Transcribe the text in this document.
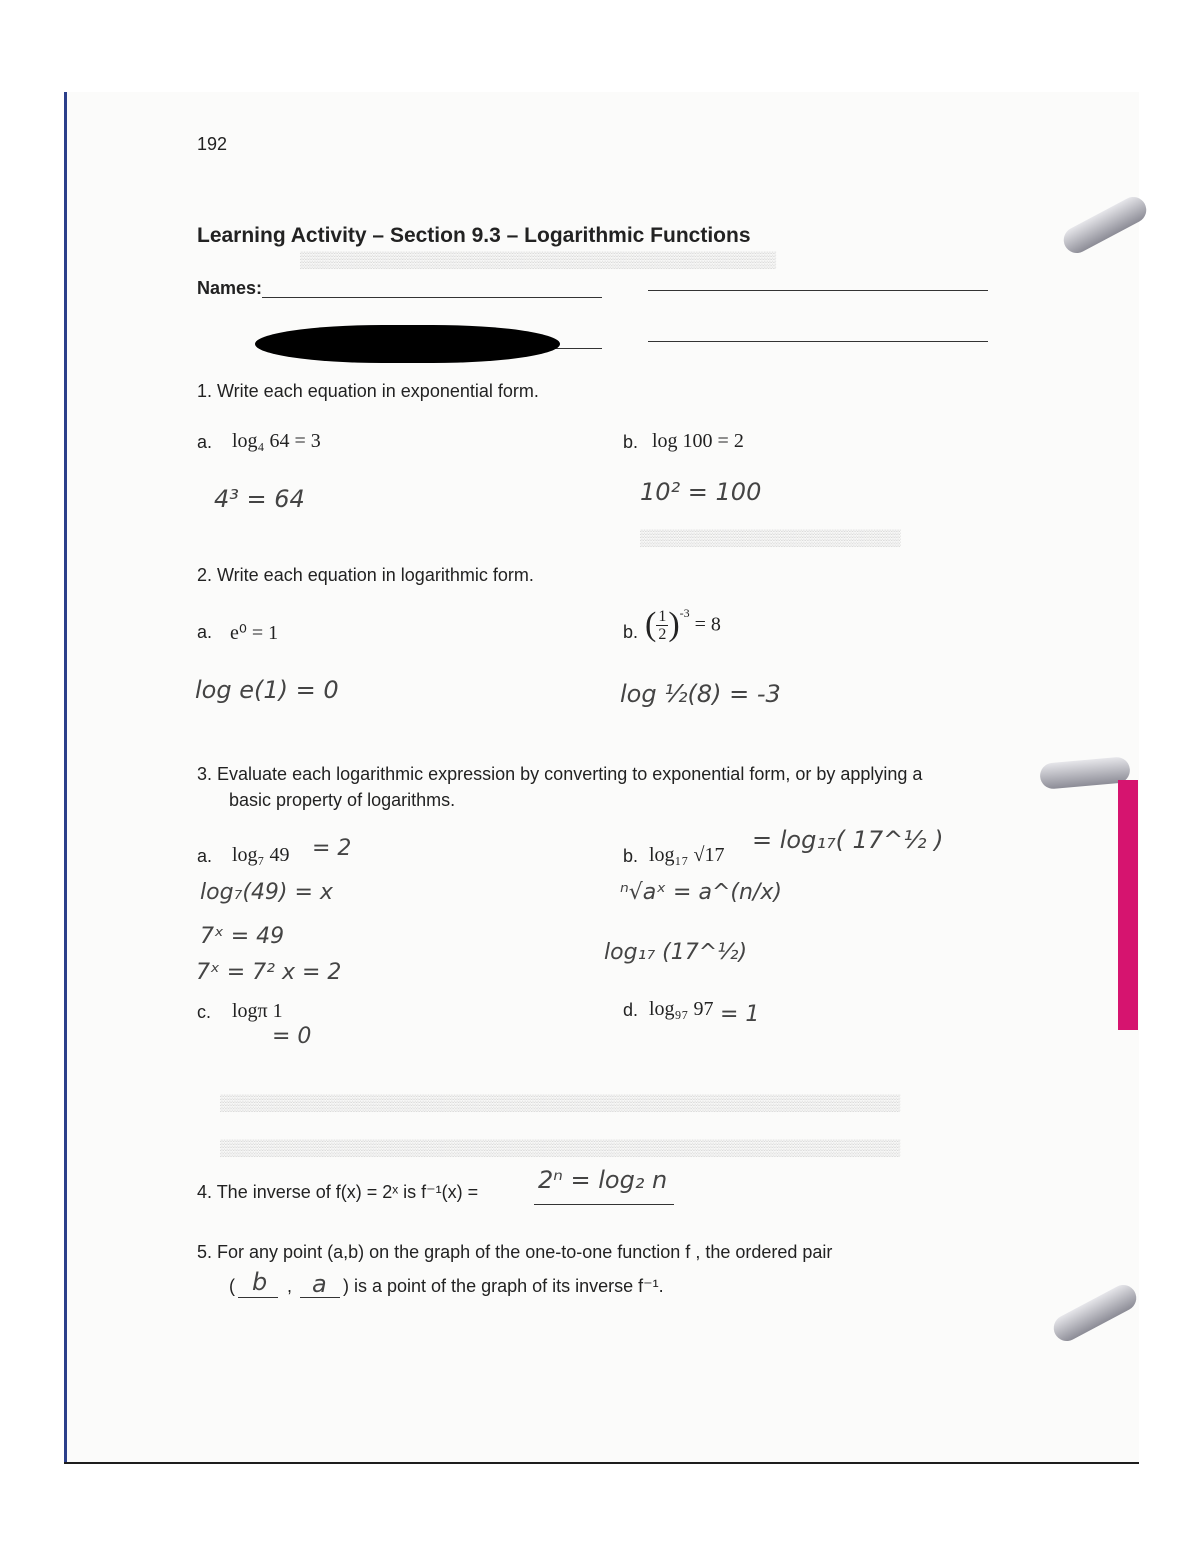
▒▒▒▒▒▒▒▒▒▒▒▒▒▒▒▒▒▒▒▒▒▒▒▒▒▒▒▒▒▒▒▒▒▒▒▒▒▒▒▒▒▒
▒▒▒▒▒▒▒▒▒▒▒▒▒▒▒▒▒▒▒▒▒▒▒
▒▒▒▒▒▒▒▒▒▒▒▒▒▒▒▒▒▒▒▒▒▒▒▒▒▒▒▒▒▒▒▒▒▒▒▒▒▒▒▒▒▒▒▒▒▒▒▒▒▒▒▒▒▒▒▒▒▒▒▒
▒▒▒▒▒▒▒▒▒▒▒▒▒▒▒▒▒▒▒▒▒▒▒▒▒▒▒▒▒▒▒▒▒▒▒▒▒▒▒▒▒▒▒▒▒▒▒▒▒▒▒▒▒▒▒▒▒▒▒▒
192
Learning Activity – Section 9.3 – Logarithmic Functions
Names:
1. Write each equation in exponential form.
a. log₄ 64 = 3	b. log 100 = 2
4³ = 64	10² = 100
2. Write each equation in logarithmic form.
a. e⁰ = 1	b. ( $\frac{1}{2} )^{-3} = 8$
log e(1) = 0	log ½(8) = -3
3. Evaluate each logarithmic expression by converting to exponential form, or by applying a
basic property of logarithms.
a. log₇ 49 = 2
log₇(49) = x
7ˣ = 49
7ˣ = 7² x = 2
b. log₁₇ √17
= log₁₇( 17^½ )
ⁿ√aˣ = a^(n/x)
log₁₇ (17^½)
c. logπ 1
= 0
d. log₉₇ 97 = 1
4. The inverse of f(x) = 2ˣ is f⁻¹(x) = 2ⁿ = log₂ n
5. For any point (a,b) on the graph of the one-to-one function f , the ordered pair
( b , a ) is a point of the graph of its inverse f⁻¹.
